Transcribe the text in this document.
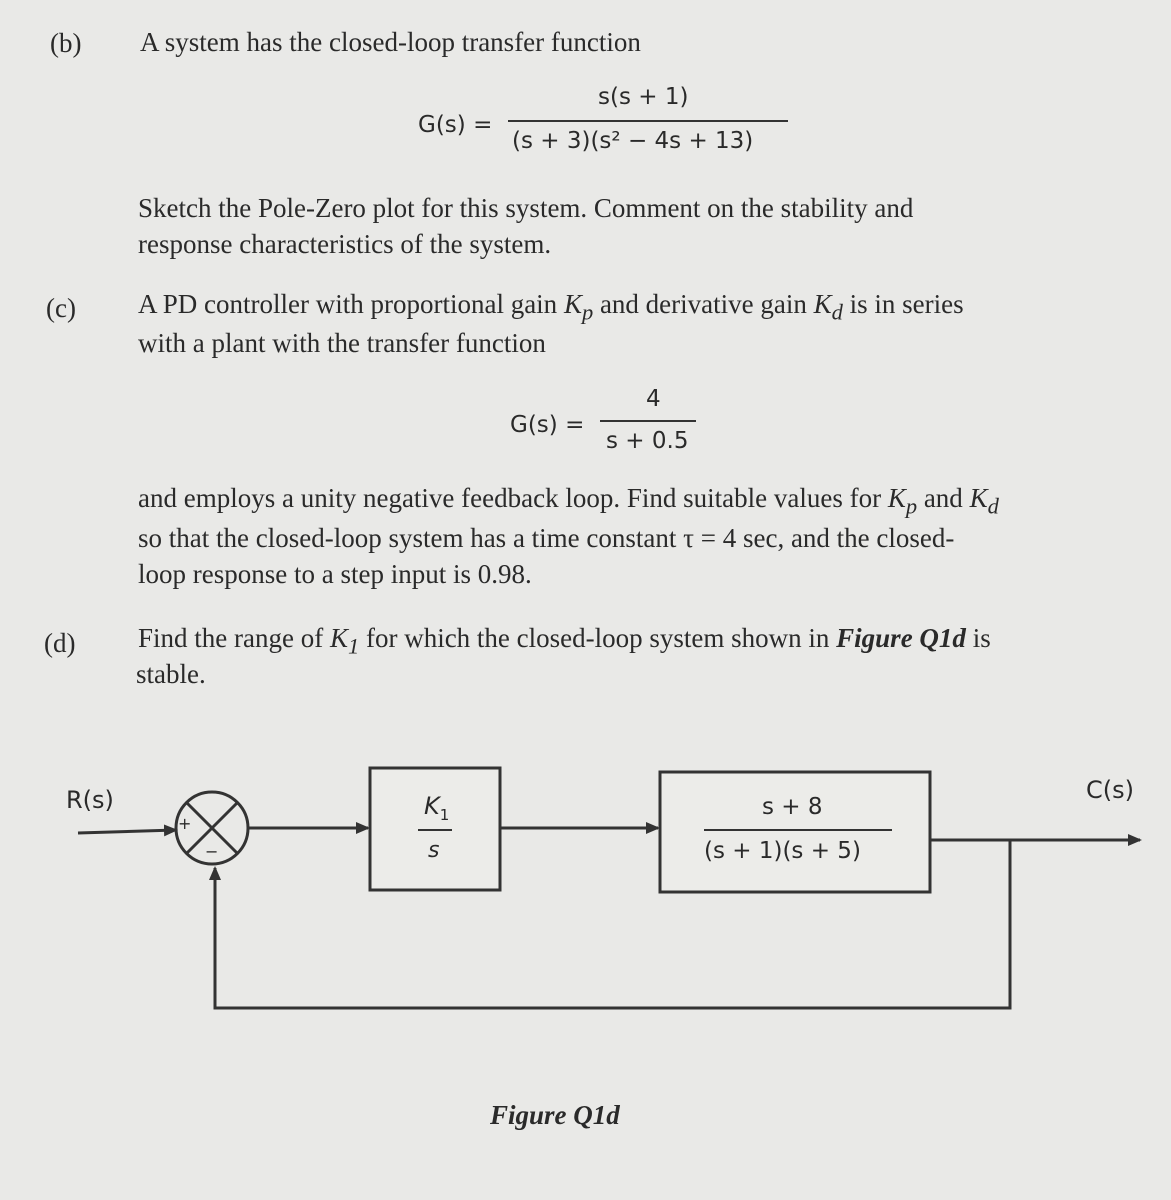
(b) A system has the closed-loop transfer function
G(s) =
s(s + 1)
(s + 3)(s² − 4s + 13)
Sketch the Pole-Zero plot for this system. Comment on the stability and
response characteristics of the system.
(c) A PD controller with proportional gain $K_p$ and derivative gain $K_d$ is in series
with a plant with the transfer function
G(s) =
4
s + 0.5
and employs a unity negative feedback loop. Find suitable values for $K_p$ and $K_d$
so that the closed-loop system has a time constant τ = 4 sec, and the closed-
loop response to a step input is 0.98.
(d) Find the range of $K_1$ for which the closed-loop system shown in Figure Q1d is
stable.
R(s)	C(s)
+
−
$K_1$
s
s + 8
(s + 1)(s + 5)
Figure Q1d
